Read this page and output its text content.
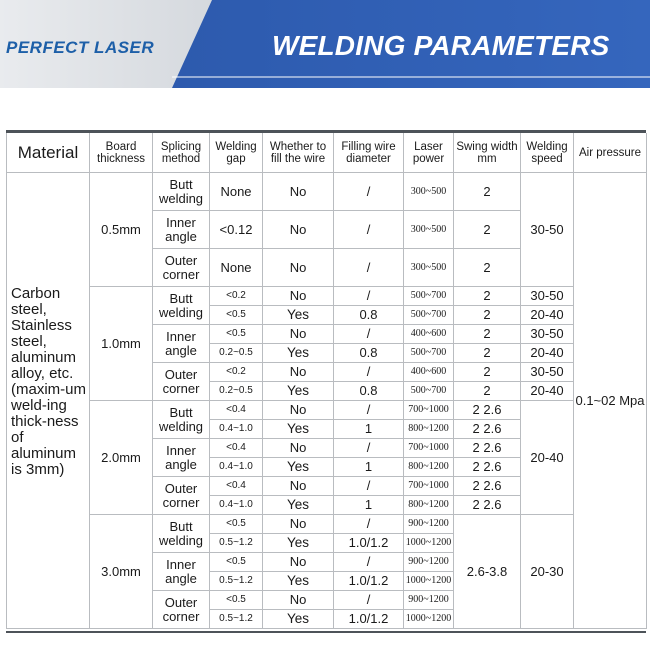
PERFECT LASER	WELDING PARAMETERS
Material	Board thickness	Splicing method	Welding gap	Whether to fill the wire	Filling wire diameter	Laser power	Swing width mm	Welding speed	Air pressure
Carbon steel, Stainless steel, aluminum alloy, etc. (maxim-um weld-ing thick-ness of aluminum is 3mm)	0.5mm	Butt welding	None	No	/	300~500	2	30-50	0.1~02 Mpa
		Inner angle	<0.12	No	/	300~500	2		
		Outer corner	None	No	/	300~500	2		
	1.0mm	Butt welding	<0.2	No	/	500~700	2	30-50	
			<0.5	Yes	0.8	500~700	2	20-40	
		Inner angle	<0.5	No	/	400~600	2	30-50	
			0.2~0.5	Yes	0.8	500~700	2	20-40	
		Outer corner	<0.2	No	/	400~600	2	30-50	
			0.2~0.5	Yes	0.8	500~700	2	20-40	
	2.0mm	Butt welding	<0.4	No	/	700~1000	2 2.6	20-40	
			0.4~1.0	Yes	1	800~1200	2 2.6		
		Inner angle	<0.4	No	/	700~1000	2 2.6		
			0.4~1.0	Yes	1	800~1200	2 2.6		
		Outer corner	<0.4	No	/	700~1000	2 2.6		
			0.4~1.0	Yes	1	800~1200	2 2.6		
	3.0mm	Butt welding	<0.5	No	/	900~1200	2.6-3.8	20-30	
			0.5~1.2	Yes	1.0/1.2	1000~1200			
		Inner angle	<0.5	No	/	900~1200			
			0.5~1.2	Yes	1.0/1.2	1000~1200			
		Outer corner	<0.5	No	/	900~1200			
			0.5~1.2	Yes	1.0/1.2	1000~1200			
